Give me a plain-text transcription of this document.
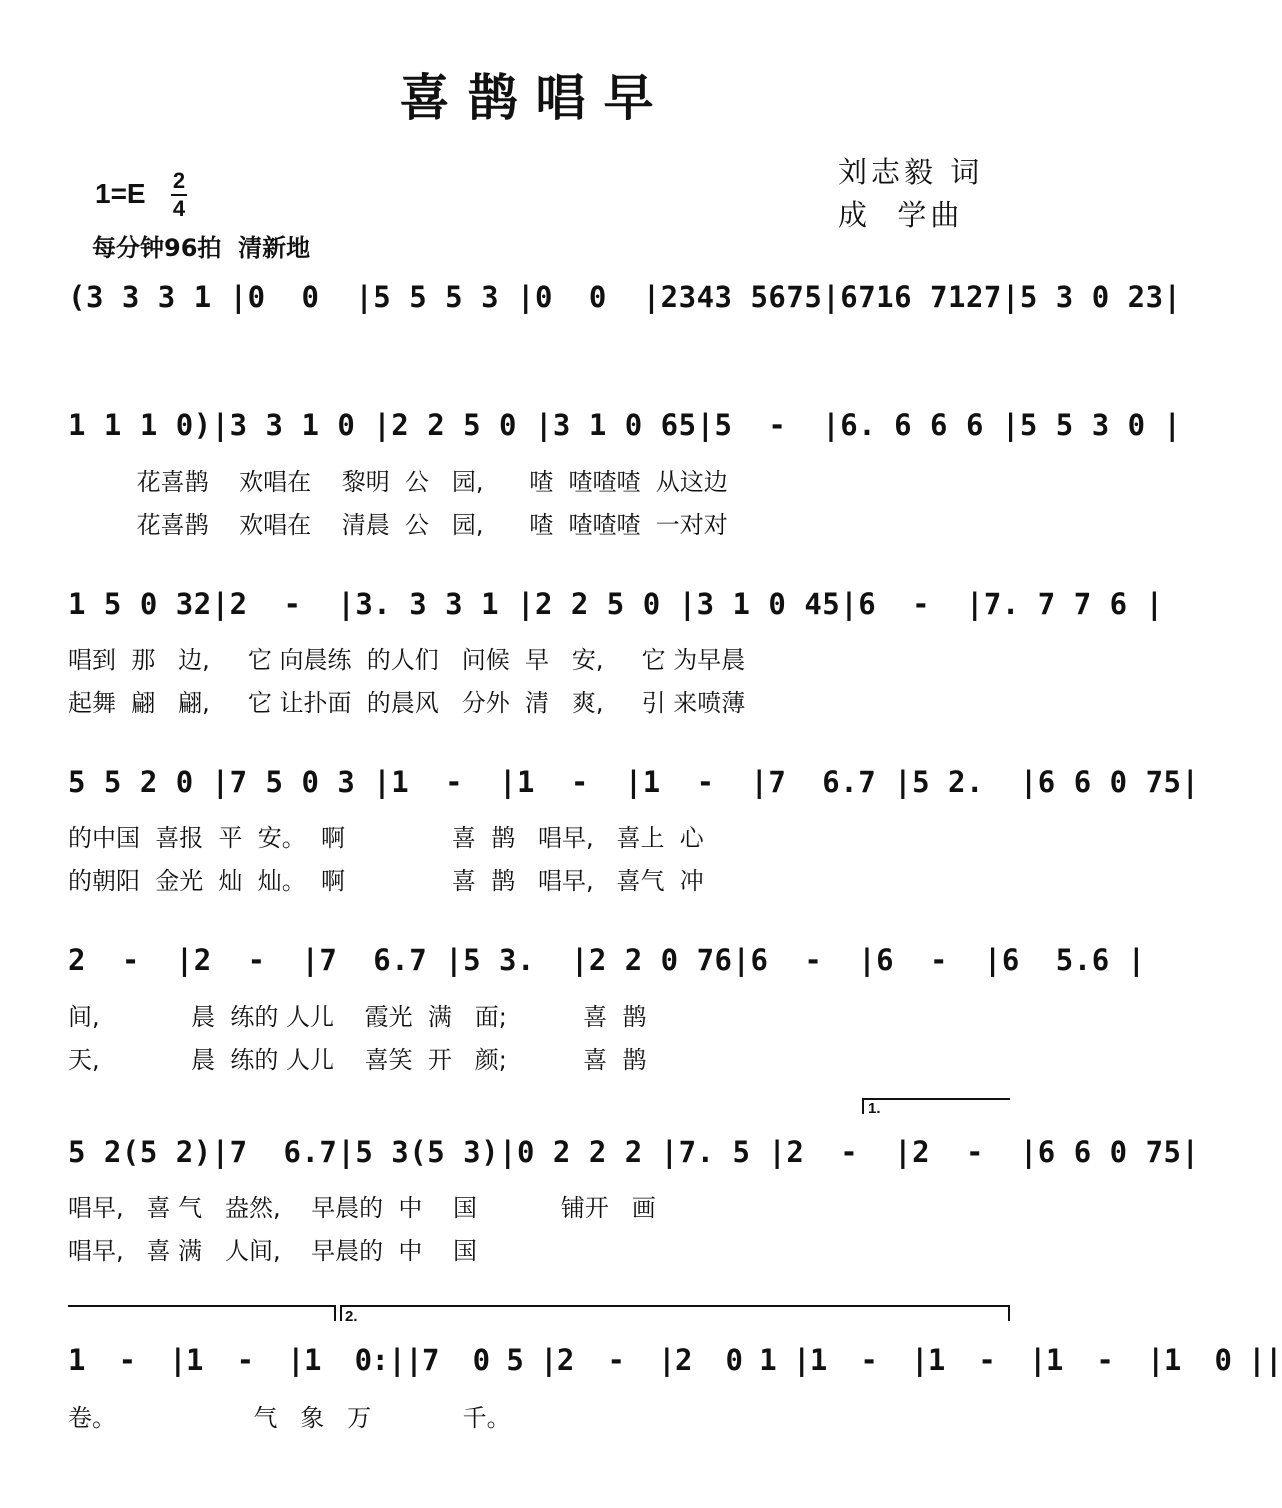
喜鹊唱早
刘志毅 词
成  学曲
1=E 2
4
每分钟96拍  清新地
(3 3 3 1 |0  0  |5 5 5 3 |0  0  |2343 5675|6716 7127|5 3 0 23|
1 1 1 0)|3 3 1 0 |2 2 5 0 |3 1 0 65|5  -  |6. 6 6 6 |5 5 3 0 |
花喜鹊    欢唱在    黎明  公   园,      喳  喳喳喳  从这边
花喜鹊    欢唱在    清晨  公   园,      喳  喳喳喳  一对对
1 5 0 32|2  -  |3. 3 3 1 |2 2 5 0 |3 1 0 45|6  -  |7. 7 7 6 |
唱到  那   边,     它 向晨练  的人们   问候  早   安,     它 为早晨
起舞  翩   翩,     它 让扑面  的晨风   分外  清   爽,     引 来喷薄
5 5 2 0 |7 5 0 3 |1  -  |1  -  |1  -  |7  6.7 |5 2.  |6 6 0 75|
的中国  喜报  平  安。  啊              喜  鹊   唱早,   喜上  心
的朝阳  金光  灿  灿。  啊              喜  鹊   唱早,   喜气  冲
2  -  |2  -  |7  6.7 |5 3.  |2 2 0 76|6  -  |6  -  |6  5.6 |
间,            晨  练的 人儿    霞光  满   面;          喜  鹊
天,            晨  练的 人儿    喜笑  开   颜;          喜  鹊
1.
5 2(5 2)|7  6.7|5 3(5 3)|0 2 2 2 |7. 5 |2  -  |2  -  |6 6 0 75|
唱早,   喜 气   盎然,    早晨的  中    国           铺开   画
唱早,   喜 满   人间,    早晨的  中    国
2.
1  -  |1  -  |1  0:||7  0 5 |2  -  |2  0 1 |1  -  |1  -  |1  -  |1  0 ||
卷。                  气   象   万            千。
